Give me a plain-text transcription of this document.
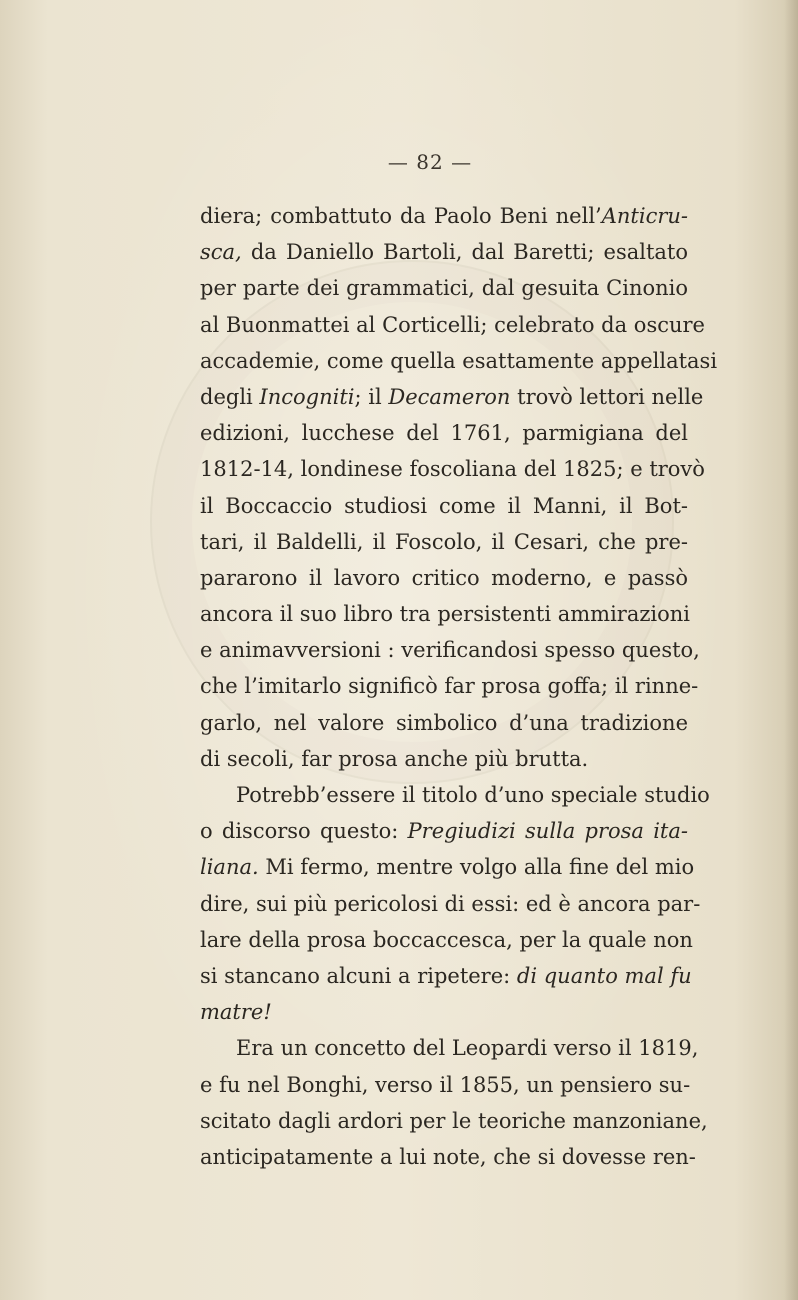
— 82 —
diera; combattuto da Paolo Beni nell’Anticru-
sca, da Daniello Bartoli, dal Baretti; esaltato
per parte dei grammatici, dal gesuita Cinonio
al Buonmattei al Corticelli; celebrato da oscure
accademie, come quella esattamente appellatasi
degli Incogniti; il Decameron trovò lettori nelle
edizioni, lucchese del 1761, parmigiana del
1812-14, londinese foscoliana del 1825; e trovò
il Boccaccio studiosi come il Manni, il Bot-
tari, il Baldelli, il Foscolo, il Cesari, che pre-
pararono il lavoro critico moderno, e passò
ancora il suo libro tra persistenti ammirazioni
e animavversioni : verificandosi spesso questo,
che l’imitarlo significò far prosa goffa; il rinne-
garlo, nel valore simbolico d’una tradizione
di secoli, far prosa anche più brutta.
Potrebb’essere il titolo d’uno speciale studio
o discorso questo: Pregiudizi sulla prosa ita-
liana. Mi fermo, mentre volgo alla fine del mio
dire, sui più pericolosi di essi: ed è ancora par-
lare della prosa boccaccesca, per la quale non
si stancano alcuni a ripetere: di quanto mal fu
matre!
Era un concetto del Leopardi verso il 1819,
e fu nel Bonghi, verso il 1855, un pensiero su-
scitato dagli ardori per le teoriche manzoniane,
anticipatamente a lui note, che si dovesse ren-
